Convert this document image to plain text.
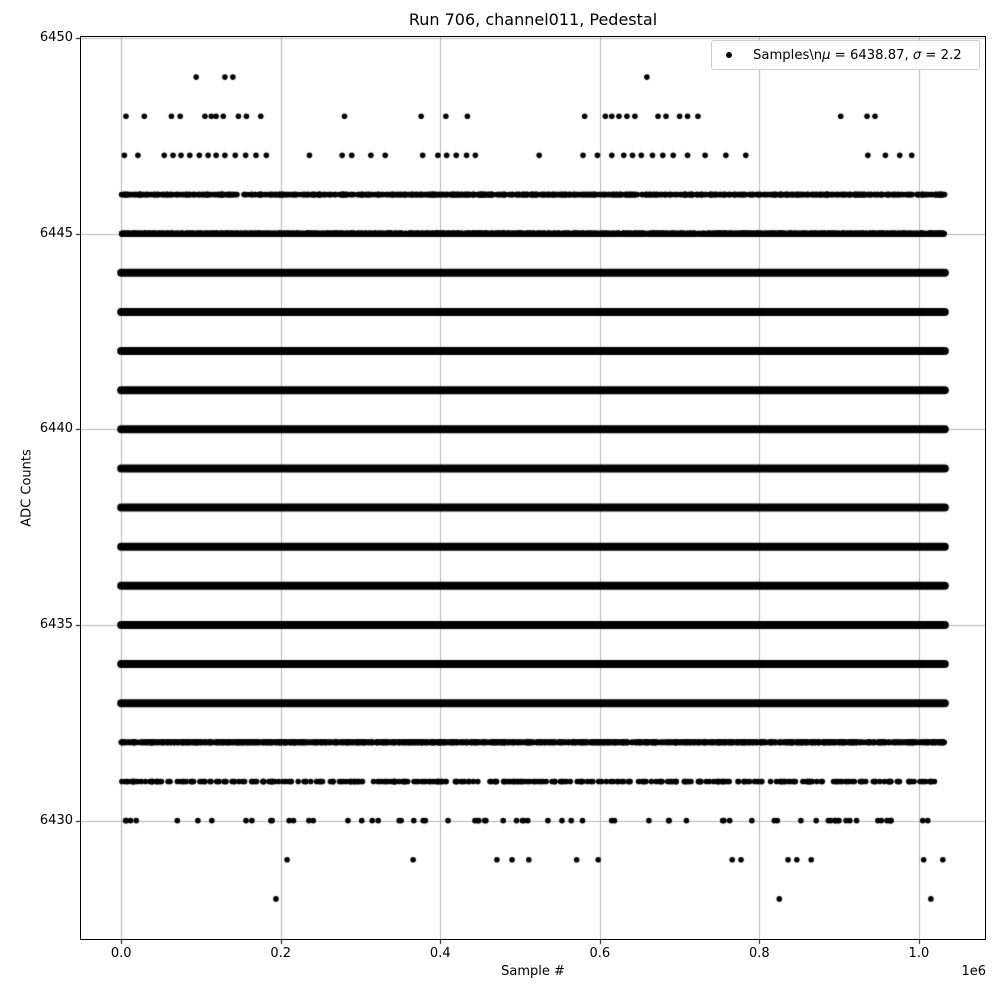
Run 706, channel011, Pedestal
ADC Counts
Sample #	1e6
0.0	0.2	0.4	0.6	0.8	1.0
6430
6435
6440
6445
6450
Samples\nμ = 6438.87, σ = 2.2
